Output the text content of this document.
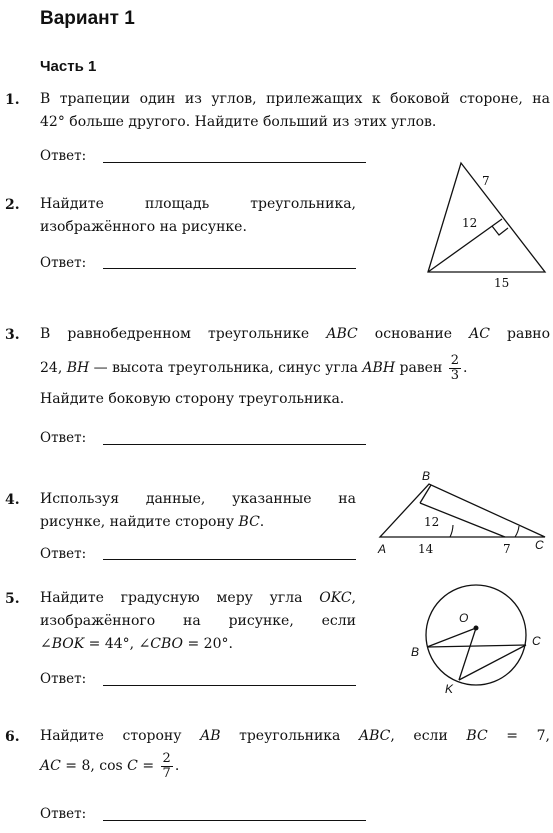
Вариант 1
Часть 1
1. В трапеции один из углов, прилежащих к боковой стороне, на
42° больше другого. Найдите больший из этих углов.
Ответ:
2. Найдите площадь треугольника,
изображённого на рисунке.
Ответ:
7
12
15
3. В равнобедренном треугольнике ABC основание AC равно
24, BH — высота треугольника, синус угла ABH равен $\frac{2}{3}$ .
Найдите боковую сторону треугольника.
Ответ:
4. Используя данные, указанные на
рисунке, найдите сторону BC.
Ответ:
B
A	C
12
14	7
5. Найдите градусную меру угла OKC,
изображённого на рисунке, если
∠BOK = 44°, ∠CBO = 20°.
Ответ:
O
B
C
K
6. Найдите сторону AB треугольника ABC, если BC = 7,
AC = 8, $\cos C = \frac{2}{7}$ .
Ответ:
